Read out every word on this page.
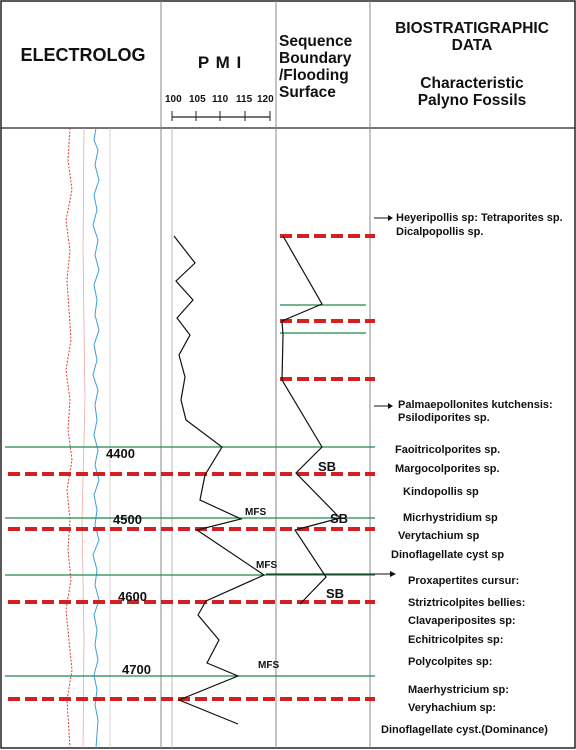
ELECTROLOG	P M I
Sequence
Boundary
/Flooding
Surface
BIOSTRATIGRAPHIC
DATA
Characteristic
Palyno Fossils
100 105 110 115 120
4400
4500
4600
4700
SB
SB
SB
MFS
MFS
MFS
Heyeripollis sp: Tetraporites sp.
Dicalpopollis sp.
Palmaepollonites kutchensis:
Psilodiporites sp.
Faoitricolporites sp.
Margocolporites sp.
Kindopollis sp
Micrhystridium sp
Verytachium sp
Dinoflagellate cyst sp
Proxapertites cursur:
Striztricolpites bellies:
Clavaperiposites sp:
Echitricolpites sp:
Polycolpites sp:
Maerhystricium sp:
Veryhachium sp:
Dinoflagellate cyst.(Dominance)
